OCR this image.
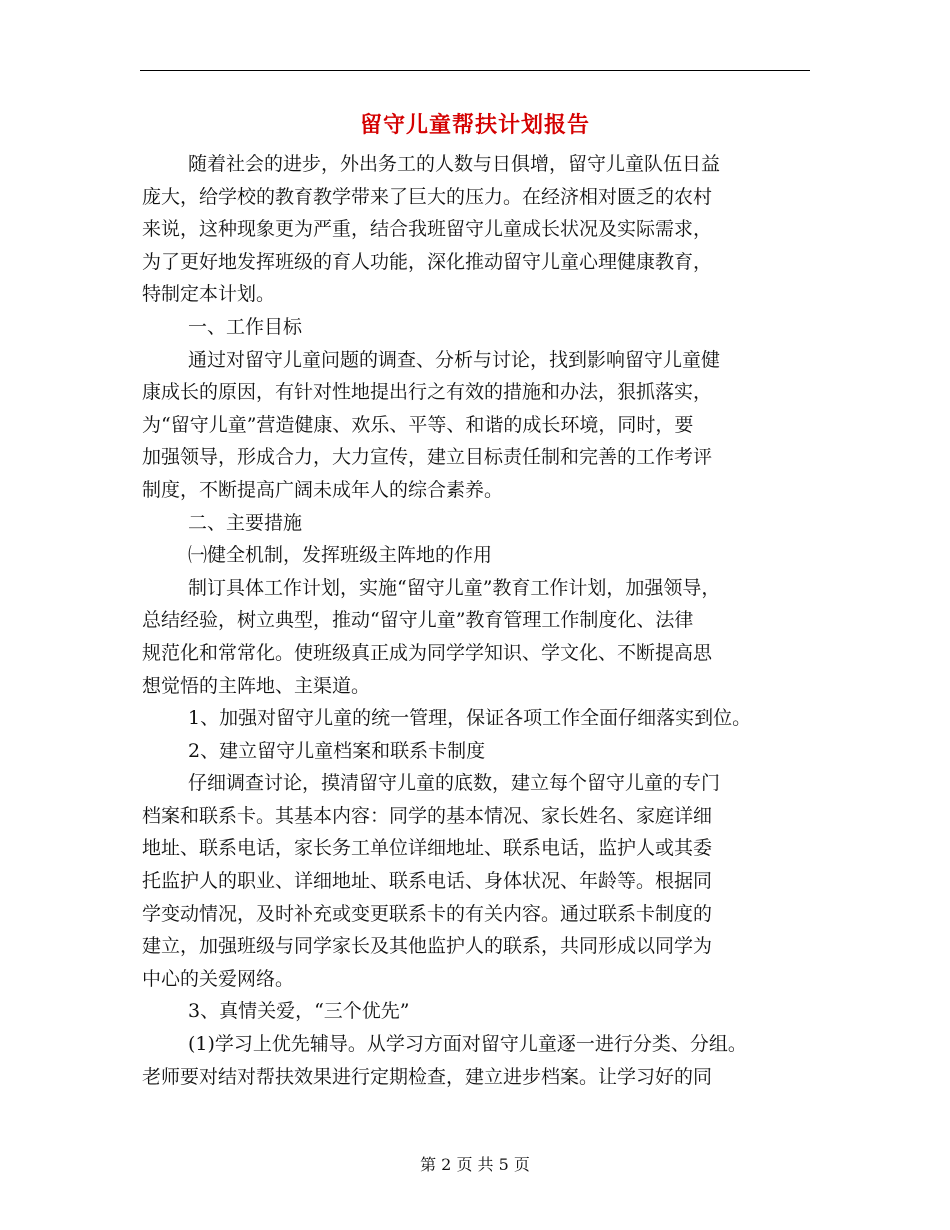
留守儿童帮扶计划报告
随着社会的进步，外出务工的人数与日俱增，留守儿童队伍日益
庞大，给学校的教育教学带来了巨大的压力。在经济相对匮乏的农村
来说，这种现象更为严重，结合我班留守儿童成长状况及实际需求，
为了更好地发挥班级的育人功能，深化推动留守儿童心理健康教育，
特制定本计划。
一、工作目标
通过对留守儿童问题的调查、分析与讨论，找到影响留守儿童健
康成长的原因，有针对性地提出行之有效的措施和办法，狠抓落实，
为“留守儿童”营造健康、欢乐、平等、和谐的成长环境，同时，要
加强领导，形成合力，大力宣传，建立目标责任制和完善的工作考评
制度，不断提高广阔未成年人的综合素养。
二、主要措施
㈠健全机制，发挥班级主阵地的作用
制订具体工作计划，实施“留守儿童”教育工作计划，加强领导，
总结经验，树立典型，推动“留守儿童”教育管理工作制度化、法律
规范化和常常化。使班级真正成为同学学知识、学文化、不断提高思
想觉悟的主阵地、主渠道。
1、加强对留守儿童的统一管理，保证各项工作全面仔细落实到位。
2、建立留守儿童档案和联系卡制度
仔细调查讨论，摸清留守儿童的底数，建立每个留守儿童的专门
档案和联系卡。其基本内容：同学的基本情况、家长姓名、家庭详细
地址、联系电话，家长务工单位详细地址、联系电话，监护人或其委
托监护人的职业、详细地址、联系电话、身体状况、年龄等。根据同
学变动情况，及时补充或变更联系卡的有关内容。通过联系卡制度的
建立，加强班级与同学家长及其他监护人的联系，共同形成以同学为
中心的关爱网络。
3、真情关爱，“三个优先”
(1)学习上优先辅导。从学习方面对留守儿童逐一进行分类、分组。
老师要对结对帮扶效果进行定期检查，建立进步档案。让学习好的同
第 2 页 共 5 页
